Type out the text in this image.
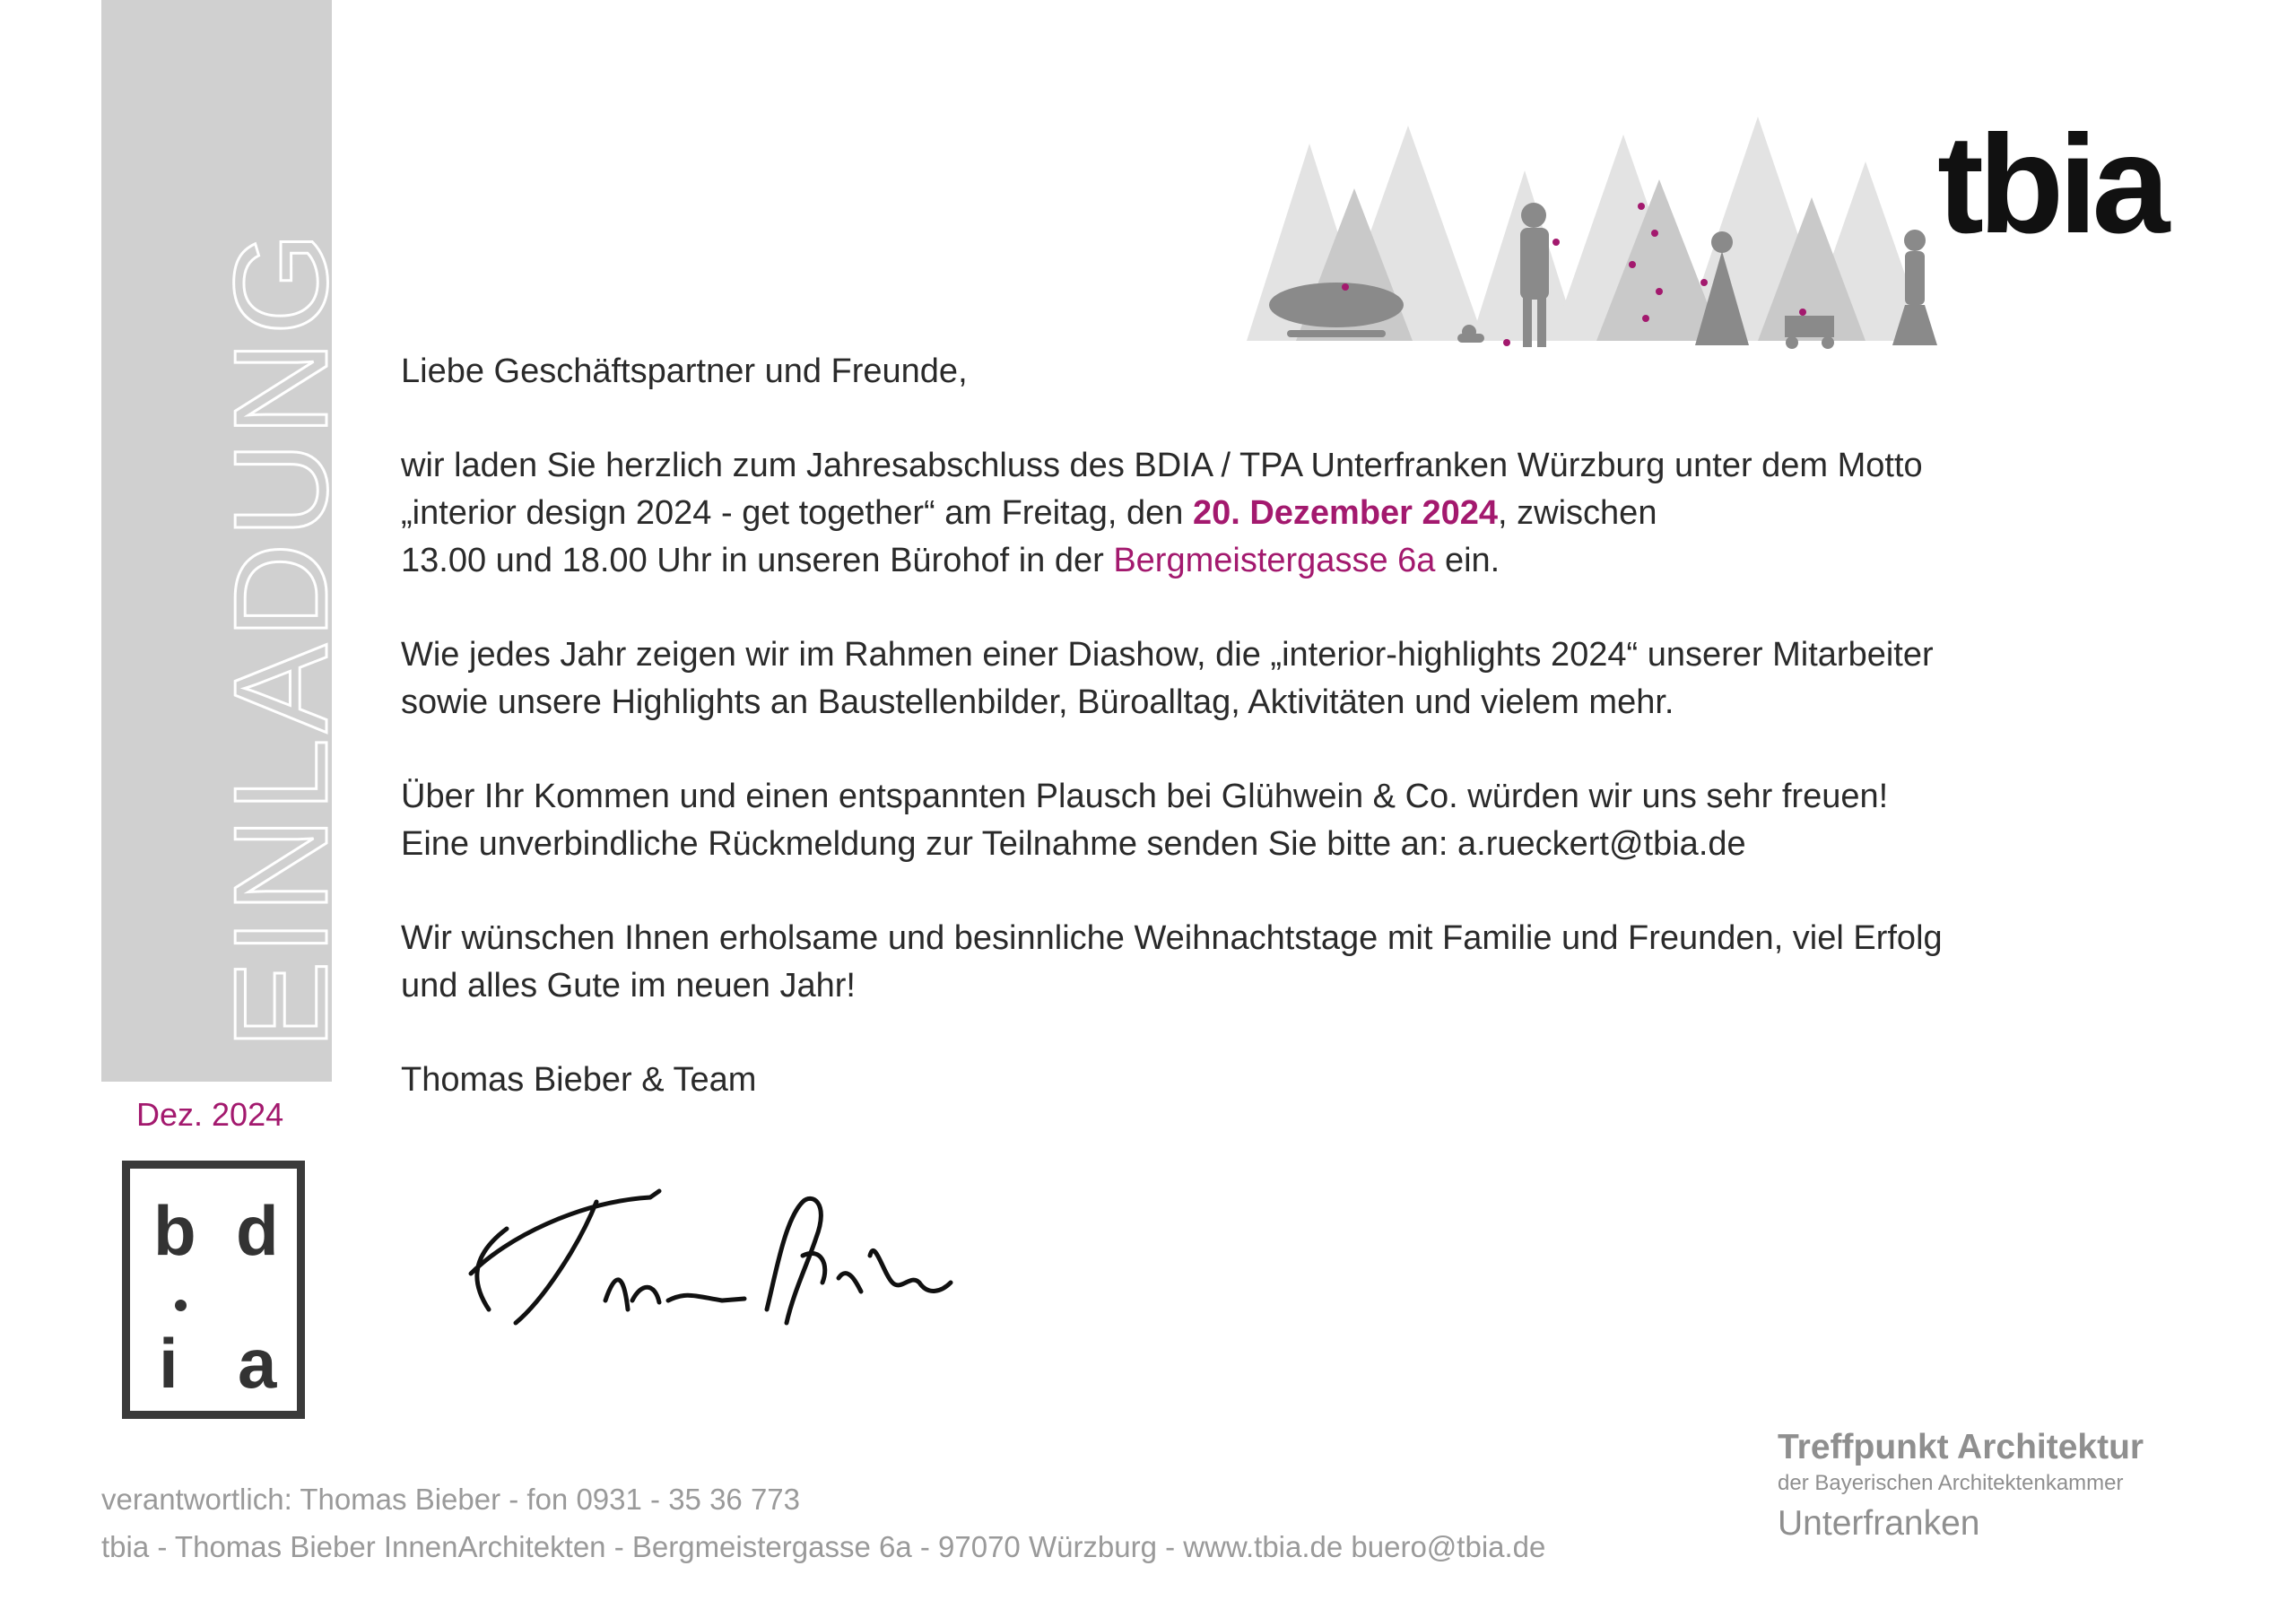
EINLADUNG
Dez. 2024
b d
i a
tbia

Liebe Geschäftspartner und Freunde,

wir laden Sie herzlich zum Jahresabschluss des BDIA / TPA Unterfranken Würzburg unter dem Motto
„interior design 2024 - get together“ am Freitag, den 20. Dezember 2024, zwischen
13.00 und 18.00 Uhr in unseren Bürohof in der Bergmeistergasse 6a ein.

Wie jedes Jahr zeigen wir im Rahmen einer Diashow, die „interior-highlights 2024“ unserer Mitarbeiter
sowie unsere Highlights an Baustellenbilder, Büroalltag, Aktivitäten und vielem mehr.

Über Ihr Kommen und einen entspannten Plausch bei Glühwein & Co. würden wir uns sehr freuen!
Eine unverbindliche Rückmeldung zur Teilnahme senden Sie bitte an: a.rueckert@tbia.de

Wir wünschen Ihnen erholsame und besinnliche Weihnachtstage mit Familie und Freunden, viel Erfolg
und alles Gute im neuen Jahr!

Thomas Bieber & Team

verantwortlich: Thomas Bieber - fon 0931 - 35 36 773
tbia - Thomas Bieber InnenArchitekten - Bergmeistergasse 6a - 97070 Würzburg - www.tbia.de buero@tbia.de
Treffpunkt Architektur
der Bayerischen Architektenkammer
Unterfranken
